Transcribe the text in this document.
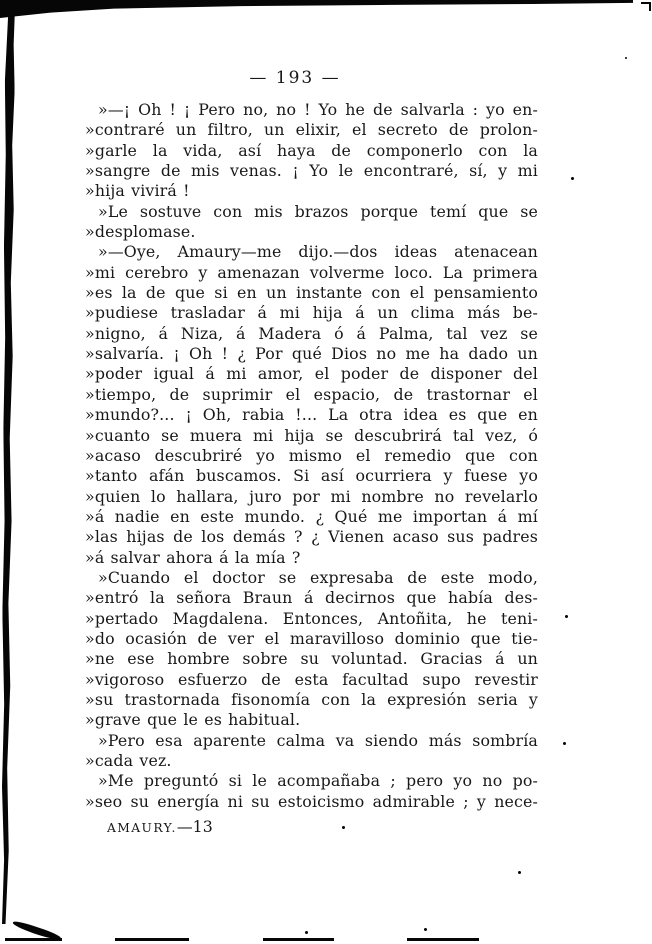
— 193 —
»—¡ Oh ! ¡ Pero no, no ! Yo he de salvarla : yo en-
»contraré un filtro, un elixir, el secreto de prolon-
»garle la vida, así haya de componerlo con la
»sangre de mis venas. ¡ Yo le encontraré, sí, y mi
»hija vivirá !
»Le sostuve con mis brazos porque temí que se
»desplomase.
»—Oye, Amaury—me dijo.—dos ideas atenacean
»mi cerebro y amenazan volverme loco. La primera
»es la de que si en un instante con el pensamiento
»pudiese trasladar á mi hija á un clima más be-
»nigno, á Niza, á Madera ó á Palma, tal vez se
»salvaría. ¡ Oh ! ¿ Por qué Dios no me ha dado un
»poder igual á mi amor, el poder de disponer del
»tiempo, de suprimir el espacio, de trastornar el
»mundo?... ¡ Oh, rabia !... La otra idea es que en
»cuanto se muera mi hija se descubrirá tal vez, ó
»acaso descubriré yo mismo el remedio que con
»tanto afán buscamos. Si así ocurriera y fuese yo
»quien lo hallara, juro por mi nombre no revelarlo
»á nadie en este mundo. ¿ Qué me importan á mí
»las hijas de los demás ? ¿ Vienen acaso sus padres
»á salvar ahora á la mía ?
»Cuando el doctor se expresaba de este modo,
»entró la señora Braun á decirnos que había des-
»pertado Magdalena. Entonces, Antoñita, he teni-
»do ocasión de ver el maravilloso dominio que tie-
»ne ese hombre sobre su voluntad. Gracias á un
»vigoroso esfuerzo de esta facultad supo revestir
»su trastornada fisonomía con la expresión seria y
»grave que le es habitual.
»Pero esa aparente calma va siendo más sombría
»cada vez.
»Me preguntó si le acompañaba ; pero yo no po-
»seo su energía ni su estoicismo admirable ; y nece-
AMAURY.—13
